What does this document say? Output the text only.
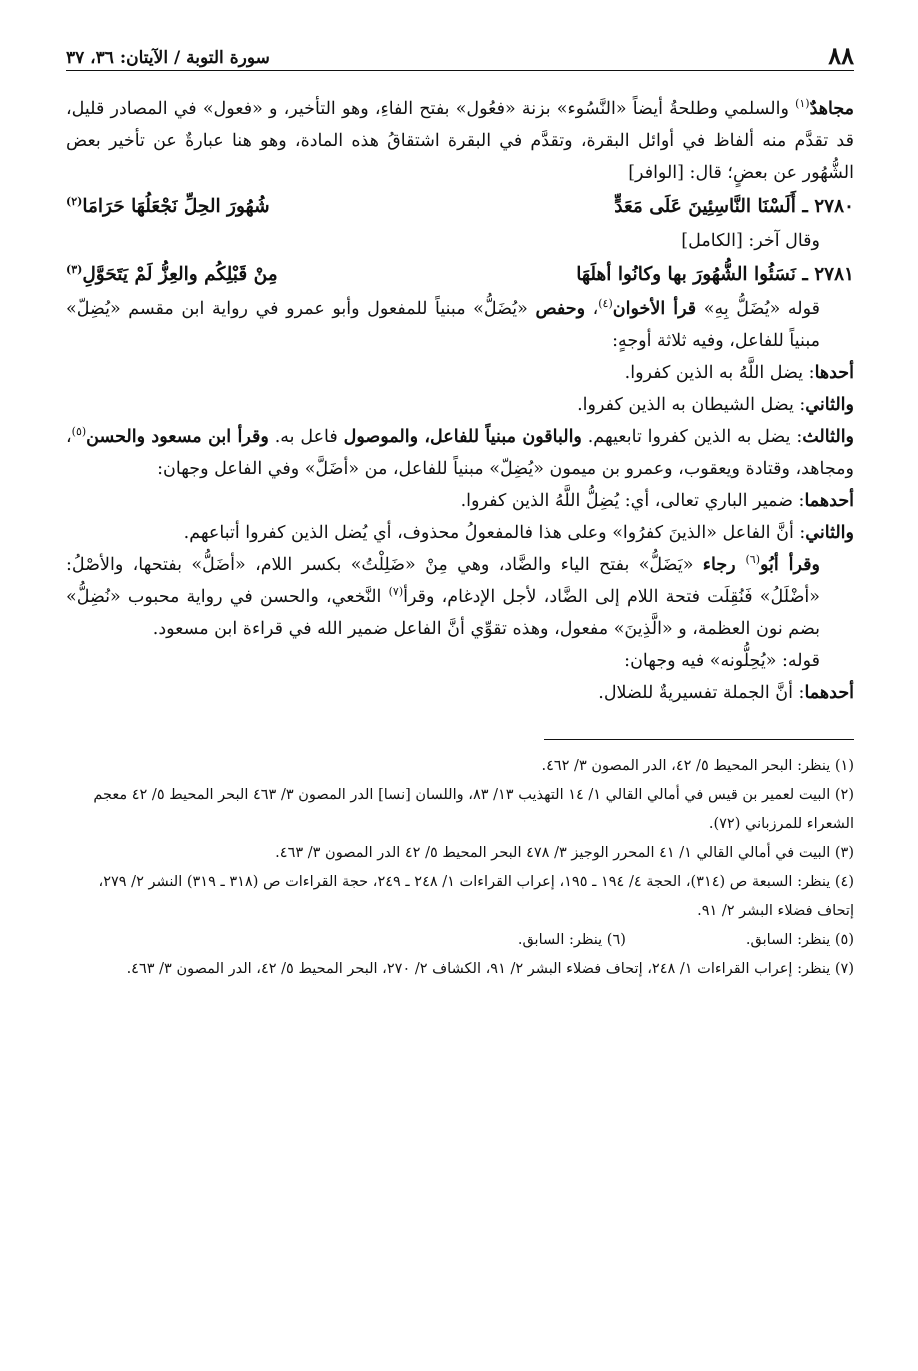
٨٨
سورة التوبة / الآيتان: ٣٦، ٣٧

مجاهدٌ$^{(١)}$ والسلمي وطلحةُ أيضاً «النَّسُوء» بزنة «فعُول» بفتح الفاءِ، وهو التأخير، و «فعول» في المصادر قليل، قد تقدَّم منه ألفاظ في أوائل البقرة، وتقدَّم في البقرة اشتقاقُ هذه المادة، وهو هنا عبارةٌ عن تأخير بعض الشُّهُور عن بعضٍ؛ قال: [الوافر]

٢٧٨٠ ـ أَلَسْنَا النَّاسِئِينَ عَلَى مَعَدٍّ
شُهُورَ الحِلِّ نَجْعَلُهَا حَرَامَا$^{(٢)}$

وقال آخر: [الكامل]

٢٧٨١ ـ نَسَئُوا الشُّهُورَ بها وكانُوا أهلَهَا
مِنْ قَبْلِكُم والعِزُّ لَمْ يَتَحَوَّلِ$^{(٣)}$

قوله «يُضَلُّ بِهِ» قرأ الأخوان$^{(٤)}$، وحفص «يُضَلُّ» مبنياً للمفعول وأبو عمرو في رواية ابن مقسم «يُضِلّ» مبنياً للفاعل، وفيه ثلاثة أوجهٍ:

أحدها: يضل اللَّهُ به الذين كفروا.

والثاني: يضل الشيطان به الذين كفروا.

والثالث: يضل به الذين كفروا تابعيهم. والباقون مبنياً للفاعل، والموصول فاعل به. وقرأ ابن مسعود والحسن$^{(٥)}$، ومجاهد، وقتادة ويعقوب، وعمرو بن ميمون «يُضِلّ» مبنياً للفاعل، من «أضَلَّ» وفي الفاعل وجهان:

أحدهما: ضمير الباري تعالى، أي: يُضِلُّ اللَّهُ الذين كفروا.

والثاني: أنَّ الفاعل «الذينَ كفرُوا» وعلى هذا فالمفعولُ محذوف، أي يُضل الذين كفروا أتباعهم.

وقرأ أبُو$^{(٦)}$ رجاء «يَضَلُّ» بفتح الياء والضَّاد، وهي مِنْ «ضَلِلْتُ» بكسر اللام، «أضَلُّ» بفتحها، والأصْلُ: «أضْلَلُ» فَنُقِلَت فتحة اللام إلى الضَّاد، لأجل الإدغام، وقرأ$^{(٧)}$ النَّخعي، والحسن في رواية محبوب «نُضِلُّ» بضم نون العظمة، و «الَّذِينَ» مفعول، وهذه تقوِّي أنَّ الفاعل ضمير الله في قراءة ابن مسعود.

قوله: «يُحِلُّونه» فيه وجهان:

أحدهما: أنَّ الجملة تفسيريةٌ للضلال.

(١) ينظر: البحر المحيط ٥/ ٤٢، الدر المصون ٣/ ٤٦٢.

(٢) البيت لعمير بن قيس في أمالي القالي ١/ ١٤ التهذيب ١٣/ ٨٣، واللسان [نسا] الدر المصون ٣/ ٤٦٣ البحر المحيط ٥/ ٤٢ معجم الشعراء للمرزباني (٧٢).

(٣) البيت في أمالي القالي ١/ ٤١ المحرر الوجيز ٣/ ٤٧٨ البحر المحيط ٥/ ٤٢ الدر المصون ٣/ ٤٦٣.

(٤) ينظر: السبعة ص (٣١٤)، الحجة ٤/ ١٩٤ ـ ١٩٥، إعراب القراءات ١/ ٢٤٨ ـ ٢٤٩، حجة القراءات ص (٣١٨ ـ ٣١٩) النشر ٢/ ٢٧٩، إتحاف فضلاء البشر ٢/ ٩١.

(٥) ينظر: السابق.
(٦) ينظر: السابق.

(٧) ينظر: إعراب القراءات ١/ ٢٤٨، إتحاف فضلاء البشر ٢/ ٩١، الكشاف ٢/ ٢٧٠، البحر المحيط ٥/ ٤٢، الدر المصون ٣/ ٤٦٣.
